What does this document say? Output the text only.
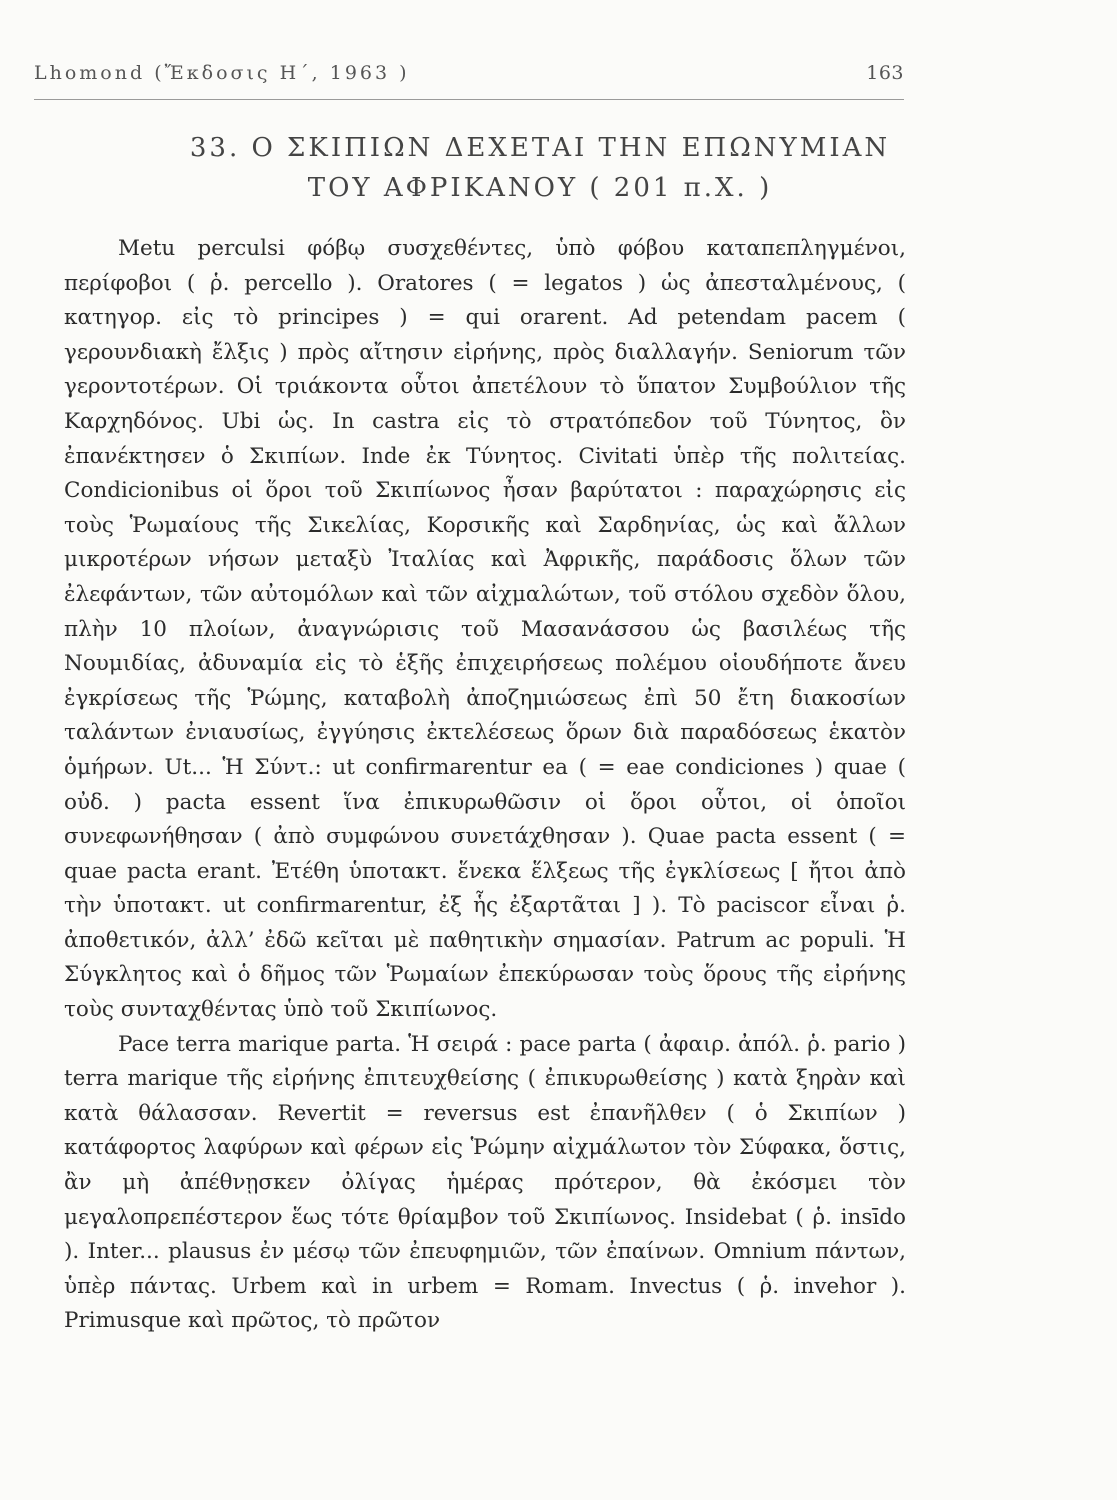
Lhomond (Ἔκδοσις Η΄, 1963 )	163
33. Ο ΣΚΙΠΙΩΝ ΔΕΧΕΤΑΙ ΤΗΝ ΕΠΩΝΥΜΙΑΝ
ΤΟΥ ΑΦΡΙΚΑΝΟΥ ( 201 π.Χ. )

Metu perculsi φόβῳ συσχεθέντες, ὑπὸ φόβου καταπεπληγμένοι, περίφοβοι ( ῥ. percello ). Oratores ( = legatos ) ὡς ἀπεσταλμένους, ( κατηγορ. εἰς τὸ principes ) = qui orarent. Ad petendam pacem ( γερουνδιακὴ ἔλξις ) πρὸς αἴτησιν εἰρήνης, πρὸς διαλλαγήν. Seniorum τῶν γεροντοτέρων. Οἱ τριάκοντα οὗτοι ἀπετέλουν τὸ ὕπατον Συμβούλιον τῆς Καρχηδόνος. Ubi ὡς. In castra εἰς τὸ στρατόπεδον τοῦ Τύνητος, ὃν ἐπανέκτησεν ὁ Σκιπίων. Inde ἐκ Τύνητος. Civitati ὑπὲρ τῆς πολιτείας. Condicionibus οἱ ὅροι τοῦ Σκιπίωνος ἦσαν βαρύτατοι : παραχώρησις εἰς τοὺς Ῥωμαίους τῆς Σικελίας, Κορσικῆς καὶ Σαρδηνίας, ὡς καὶ ἄλλων μικροτέρων νήσων μεταξὺ Ἰταλίας καὶ Ἀφρικῆς, παράδοσις ὅλων τῶν ἐλεφάντων, τῶν αὐτομόλων καὶ τῶν αἰχμαλώτων, τοῦ στόλου σχεδὸν ὅλου, πλὴν 10 πλοίων, ἀναγνώρισις τοῦ Μασανάσσου ὡς βασιλέως τῆς Νουμιδίας, ἀδυναμία εἰς τὸ ἑξῆς ἐπιχειρήσεως πολέμου οἱουδήποτε ἄνευ ἐγκρίσεως τῆς Ῥώμης, καταβολὴ ἀποζημιώσεως ἐπὶ 50 ἔτη διακοσίων ταλάντων ἐνιαυσίως, ἐγγύησις ἐκτελέσεως ὅρων διὰ παραδόσεως ἑκατὸν ὁμήρων. Ut... Ἡ Σύντ.: ut confirmarentur ea ( = eae condiciones ) quae ( οὐδ. ) pacta essent ἵνα ἐπικυρωθῶσιν οἱ ὅροι οὗτοι, οἱ ὁποῖοι συνεφωνήθησαν ( ἀπὸ συμφώνου συνετάχθησαν ). Quae pacta essent ( = quae pacta erant. Ἐτέθη ὑποτακτ. ἕνεκα ἕλξεως τῆς ἐγκλίσεως [ ἤτοι ἀπὸ τὴν ὑποτακτ. ut confirmarentur, ἐξ ἧς ἐξαρτᾶται ] ). Τὸ paciscor εἶναι ῥ. ἀποθετικόν, ἀλλ’ ἐδῶ κεῖται μὲ παθητικὴν σημασίαν. Patrum ac populi. Ἡ Σύγκλητος καὶ ὁ δῆμος τῶν Ῥωμαίων ἐπεκύρωσαν τοὺς ὅρους τῆς εἰρήνης τοὺς συνταχθέντας ὑπὸ τοῦ Σκιπίωνος.

Pace terra marique parta. Ἡ σειρά : pace parta ( ἀφαιρ. ἀπόλ. ῥ. pario ) terra marique τῆς εἰρήνης ἐπιτευχθείσης ( ἐπικυρωθείσης ) κατὰ ξηρὰν καὶ κατὰ θάλασσαν. Revertit = reversus est ἐπανῆλθεν ( ὁ Σκιπίων ) κατάφορτος λαφύρων καὶ φέρων εἰς Ῥώμην αἰχμάλωτον τὸν Σύφακα, ὅστις, ἂν μὴ ἀπέθνῃσκεν ὀλίγας ἡμέρας πρότερον, θὰ ἐκόσμει τὸν μεγαλοπρεπέστερον ἕως τότε θρίαμβον τοῦ Σκιπίωνος. Insidebat ( ῥ. insīdo ). Inter... plausus ἐν μέσῳ τῶν ἐπευφημιῶν, τῶν ἐπαίνων. Omnium πάντων, ὑπὲρ πάντας. Urbem καὶ in urbem = Romam. Invectus ( ῥ. invehor ). Primusque καὶ πρῶτος, τὸ πρῶτον
